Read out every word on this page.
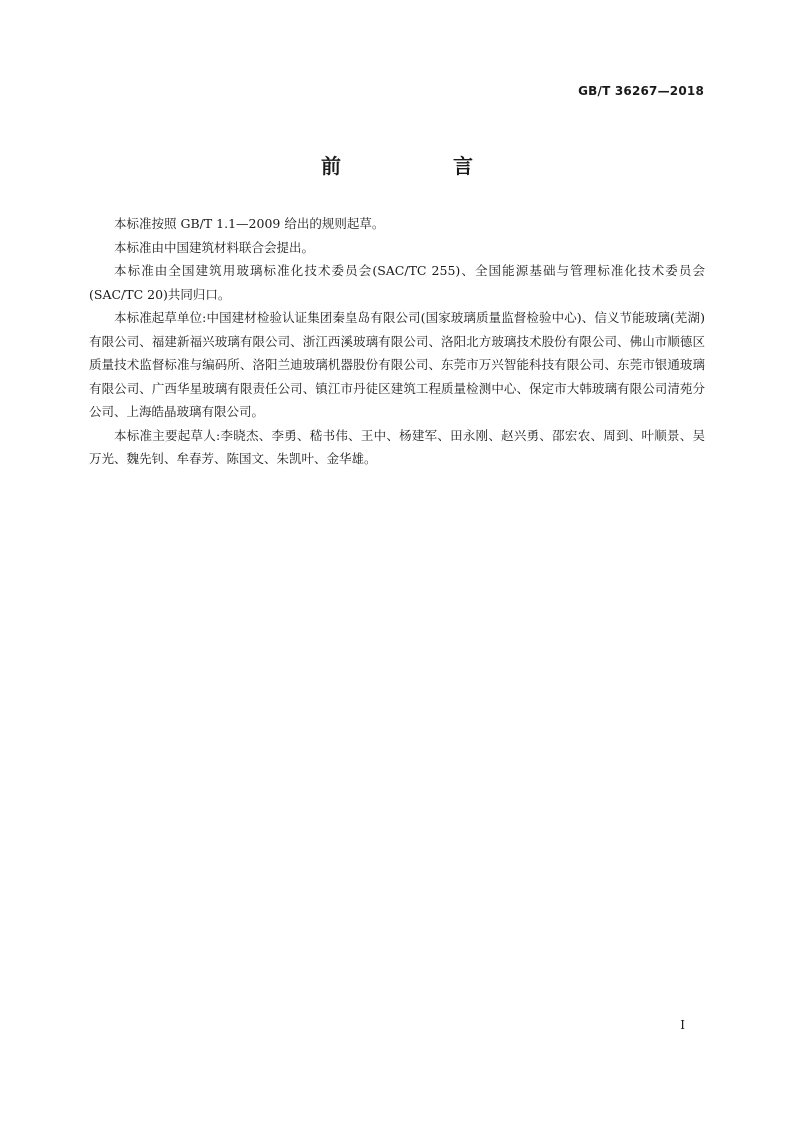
GB/T 36267—2018
前　言

本标准按照 GB/T 1.1—2009 给出的规则起草。

本标准由中国建筑材料联合会提出。

本标准由全国建筑用玻璃标准化技术委员会(SAC/TC 255)、全国能源基础与管理标准化技术委员会(SAC/TC 20)共同归口。

本标准起草单位:中国建材检验认证集团秦皇岛有限公司(国家玻璃质量监督检验中心)、信义节能玻璃(芜湖)有限公司、福建新福兴玻璃有限公司、浙江西溪玻璃有限公司、洛阳北方玻璃技术股份有限公司、佛山市顺德区质量技术监督标准与编码所、洛阳兰迪玻璃机器股份有限公司、东莞市万兴智能科技有限公司、东莞市银通玻璃有限公司、广西华星玻璃有限责任公司、镇江市丹徒区建筑工程质量检测中心、保定市大韩玻璃有限公司清苑分公司、上海皓晶玻璃有限公司。

本标准主要起草人:李晓杰、李勇、嵇书伟、王中、杨建军、田永刚、赵兴勇、邵宏农、周到、叶顺景、吴万光、魏先钊、牟春芳、陈国文、朱凯叶、金华雄。

I
